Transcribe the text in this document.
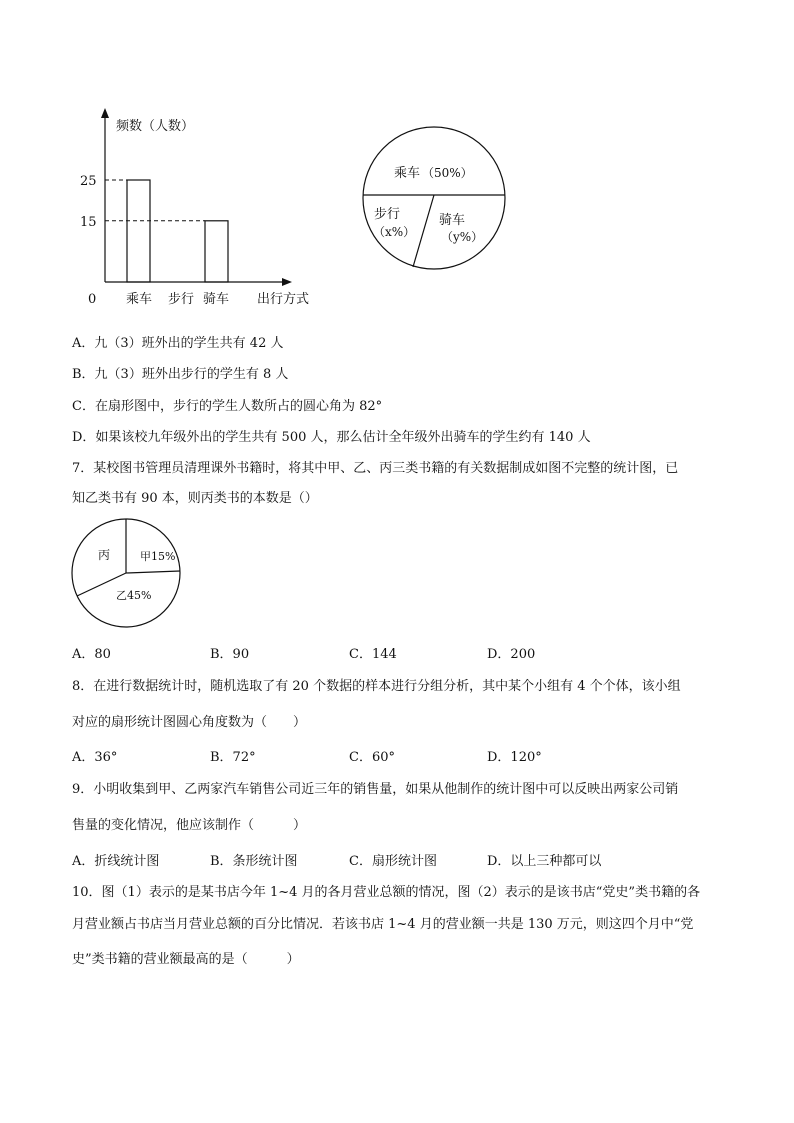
频数（人数）
出行方式
0
15
25
乘车 步行 骑车
乘车 （50%）
步行
（x%）
骑车
（y%）
A．九（3）班外出的学生共有 42 人
B．九（3）班外出步行的学生有 8 人
C．在扇形图中，步行的学生人数所占的圆心角为 82°
D．如果该校九年级外出的学生共有 500 人，那么估计全年级外出骑车的学生约有 140 人
7．某校图书管理员清理课外书籍时，将其中甲、乙、丙三类书籍的有关数据制成如图不完整的统计图，已
知乙类书有 90 本，则丙类书的本数是（）
丙	甲15%
乙45%
A．80	B．90	C．144	D．200
8．在进行数据统计时，随机选取了有 20 个数据的样本进行分组分析，其中某个小组有 4 个个体，该小组
对应的扇形统计图圆心角度数为（　　）
A．36°	B．72°	C．60°	D．120°
9．小明收集到甲、乙两家汽车销售公司近三年的销售量，如果从他制作的统计图中可以反映出两家公司销
售量的变化情况，他应该制作（　　　）
A．折线统计图	B．条形统计图	C．扇形统计图	D．以上三种都可以
10．图（1）表示的是某书店今年 1~4 月的各月营业总额的情况，图（2）表示的是该书店“党史”类书籍的各
月营业额占书店当月营业总额的百分比情况．若该书店 1~4 月的营业额一共是 130 万元，则这四个月中“党
史”类书籍的营业额最高的是（　　　）
